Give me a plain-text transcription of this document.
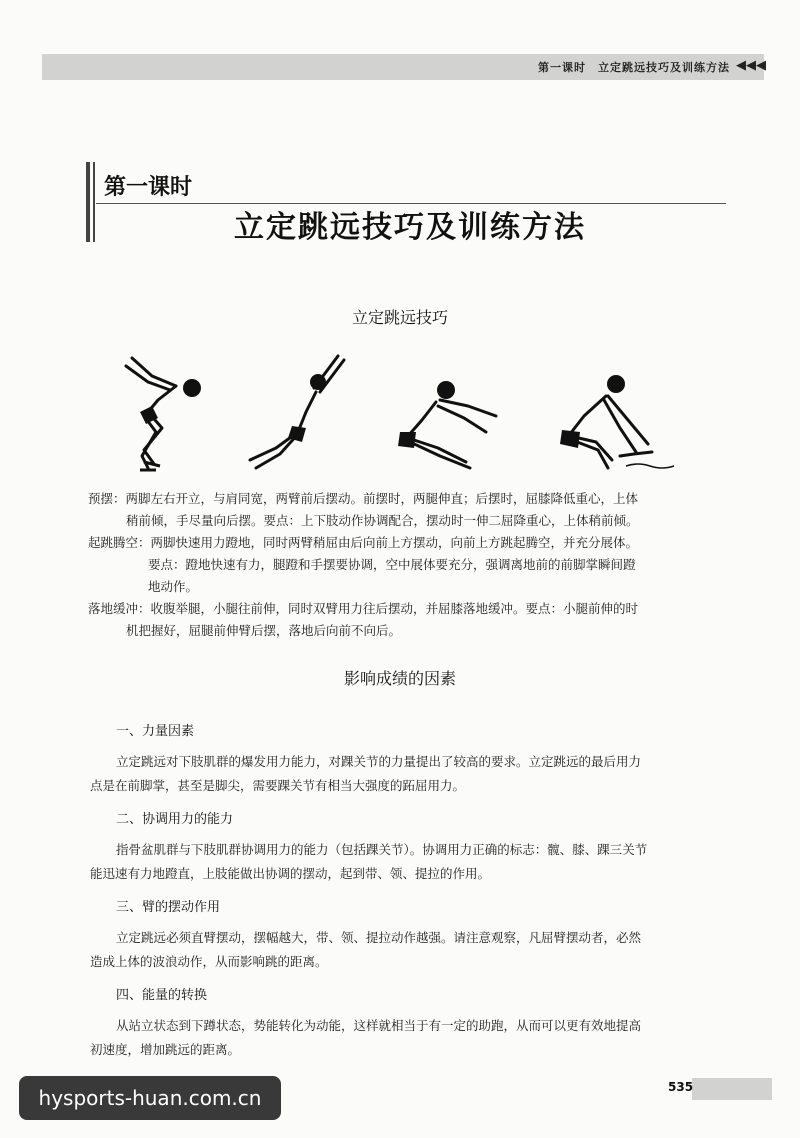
第一课时　立定跳远技巧及训练方法 ◀◀◀
第一课时
立定跳远技巧及训练方法
立定跳远技巧
预摆：两脚左右开立，与肩同宽，两臂前后摆动。前摆时，两腿伸直；后摆时，屈膝降低重心，上体
稍前倾，手尽量向后摆。要点：上下肢动作协调配合，摆动时一伸二屈降重心，上体稍前倾。
起跳腾空：两脚快速用力蹬地，同时两臂稍屈由后向前上方摆动，向前上方跳起腾空，并充分展体。
要点：蹬地快速有力，腿蹬和手摆要协调，空中展体要充分，强调离地前的前脚掌瞬间蹬
地动作。
落地缓冲：收腹举腿，小腿往前伸，同时双臂用力往后摆动，并屈膝落地缓冲。要点：小腿前伸的时
机把握好，屈腿前伸臂后摆，落地后向前不向后。
影响成绩的因素
一、力量因素
立定跳远对下肢肌群的爆发用力能力，对踝关节的力量提出了较高的要求。立定跳远的最后用力
点是在前脚掌，甚至是脚尖，需要踝关节有相当大强度的跖屈用力。
二、协调用力的能力
指骨盆肌群与下肢肌群协调用力的能力（包括踝关节）。协调用力正确的标志：髋、膝、踝三关节
能迅速有力地蹬直，上肢能做出协调的摆动，起到带、领、提拉的作用。
三、臂的摆动作用
立定跳远必须直臂摆动，摆幅越大，带、领、提拉动作越强。请注意观察，凡屈臂摆动者，必然
造成上体的波浪动作，从而影响跳的距离。
四、能量的转换
从站立状态到下蹲状态，势能转化为动能，这样就相当于有一定的助跑，从而可以更有效地提高
初速度，增加跳远的距离。
535
hysports-huan.com.cn
